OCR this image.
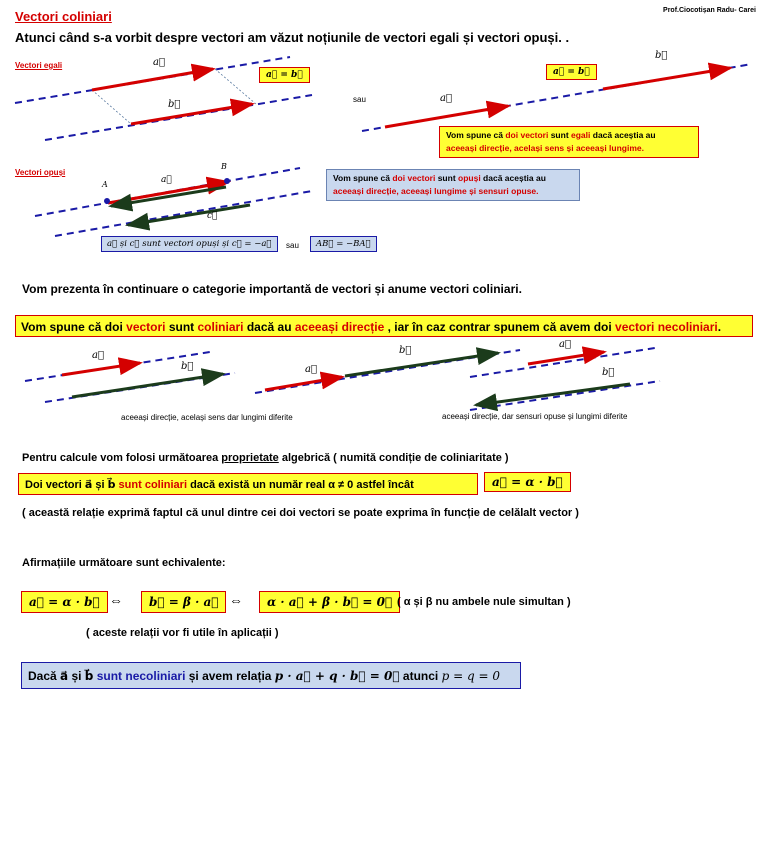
Vectori coliniari	Prof.Ciocotișan Radu- Carei
Atunci când s-a vorbit despre vectori am văzut noțiunile de vectori egali și vectori opuși. .
Vectori egali	a⃗
b⃗
a⃗ = b⃗
sau
a⃗ = b⃗
b⃗
a⃗
Vom spune că doi vectori sunt egali dacă aceștia au
aceeași direcție, același sens și aceeași lungime.
Vectori opuși
A
B
a⃗
c⃗
Vom spune că doi vectori sunt opuși dacă aceștia au
aceeași direcție, aceeași lungime și sensuri opuse.
a⃗ și c⃗ sunt vectori opuși și c⃗ = −a⃗	sau	AB⃗ = −BA⃗
Vom prezenta în continuare o categorie importantă de vectori și anume vectori coliniari.
Vom spune că doi vectori sunt coliniari dacă au aceeași direcție , iar în caz contrar spunem că avem doi vectori necoliniari.
a⃗
b⃗	a⃗
b⃗
a⃗
b⃗
aceeași direcție, același sens dar lungimi diferite	aceeași direcție, dar sensuri opuse și lungimi diferite
Pentru calcule vom folosi următoarea proprietate algebrică ( numită condiție de coliniaritate )
Doi vectori a⃗ și b⃗ sunt coliniari dacă există un număr real α ≠ 0 astfel încât	a⃗ = α · b⃗
( această relație exprimă faptul că unul dintre cei doi vectori se poate exprima în funcție de celălalt vector )
Afirmațiile următoare sunt echivalente:
a⃗ = α · b⃗ ⇔	b⃗ = β · a⃗ ⇔	α · a⃗ + β · b⃗ = 0⃗ ( α și β nu ambele nule simultan )
( aceste relații vor fi utile în aplicații )
Dacă a⃗ și b⃗ sunt necoliniari și avem relația p · a⃗ + q · b⃗ = 0⃗ atunci p = q = 0
